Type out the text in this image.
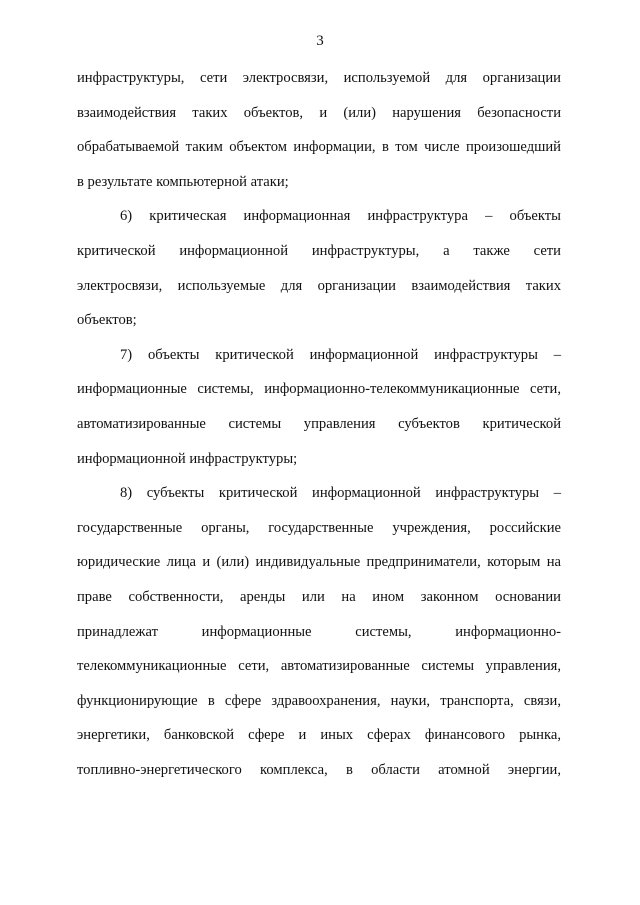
3
инфраструктуры, сети электросвязи, используемой для организации
взаимодействия таких объектов, и (или) нарушения безопасности
обрабатываемой таким объектом информации, в том числе произошедший
в результате компьютерной атаки;
6) критическая информационная инфраструктура – объекты
критической информационной инфраструктуры, а также сети
электросвязи, используемые для организации взаимодействия таких
объектов;
7) объекты критической информационной инфраструктуры –
информационные системы, информационно-телекоммуникационные сети,
автоматизированные системы управления субъектов критической
информационной инфраструктуры;
8) субъекты критической информационной инфраструктуры –
государственные органы, государственные учреждения, российские
юридические лица и (или) индивидуальные предприниматели, которым на
праве собственности, аренды или на ином законном основании
принадлежат информационные системы, информационно-
телекоммуникационные сети, автоматизированные системы управления,
функционирующие в сфере здравоохранения, науки, транспорта, связи,
энергетики, банковской сфере и иных сферах финансового рынка,
топливно-энергетического комплекса, в области атомной энергии,
